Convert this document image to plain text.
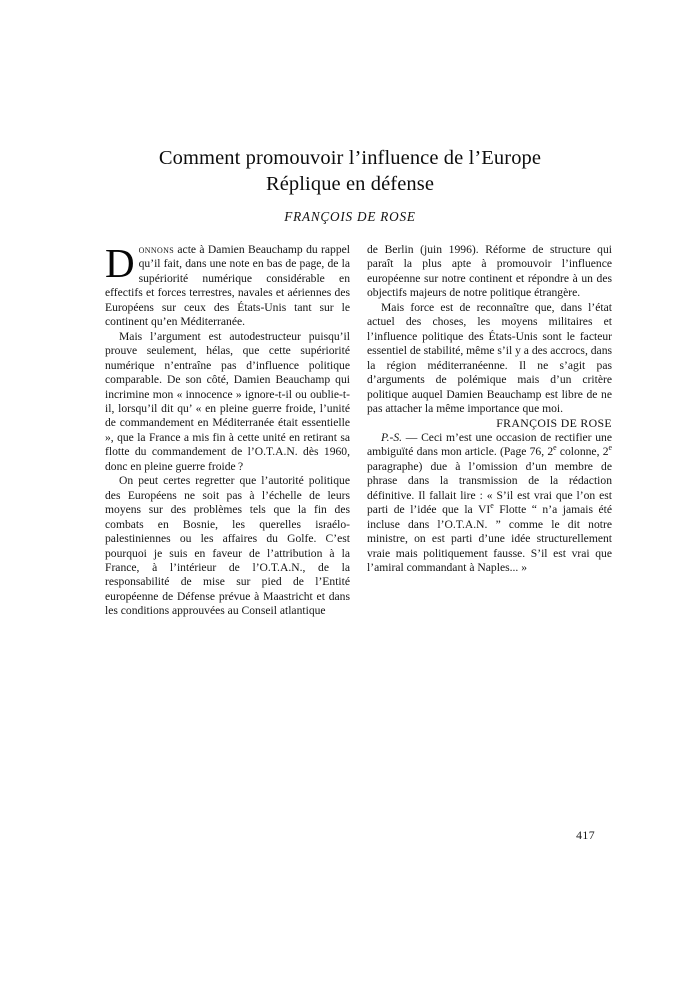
Comment promouvoir l’influence de l’Europe
Réplique en défense
FRANÇOIS DE ROSE

Donnons acte à Damien Beauchamp du rappel qu’il fait, dans une note en bas de page, de la supériorité numérique considérable en effectifs et forces terrestres, navales et aériennes des Européens sur ceux des États-Unis tant sur le continent qu’en Méditerranée.

Mais l’argument est autodestructeur puisqu’il prouve seulement, hélas, que cette supériorité numérique n’entraîne pas d’influence politique comparable. De son côté, Damien Beauchamp qui incrimine mon « innocence » ignore-t-il ou oublie-t-il, lorsqu’il dit qu’ « en pleine guerre froide, l’unité de commandement en Méditerranée était essentielle », que la France a mis fin à cette unité en retirant sa flotte du commandement de l’O.T.A.N. dès 1960, donc en pleine guerre froide ?

On peut certes regretter que l’autorité politique des Européens ne soit pas à l’échelle de leurs moyens sur des problèmes tels que la fin des combats en Bosnie, les querelles israélo-palestiniennes ou les affaires du Golfe. C’est pourquoi je suis en faveur de l’attribution à la France, à l’intérieur de l’O.T.A.N., de la responsabilité de mise sur pied de l’Entité européenne de Défense prévue à Maastricht et dans les conditions approuvées au Conseil atlantique

de Berlin (juin 1996). Réforme de structure qui paraît la plus apte à promouvoir l’influence européenne sur notre continent et répondre à un des objectifs majeurs de notre politique étrangère.

Mais force est de reconnaître que, dans l’état actuel des choses, les moyens militaires et l’influence politique des États-Unis sont le facteur essentiel de stabilité, même s’il y a des accrocs, dans la région méditerranéenne. Il ne s’agit pas d’arguments de polémique mais d’un critère politique auquel Damien Beauchamp est libre de ne pas attacher la même importance que moi.

FRANÇOIS DE ROSE

P.-S. — Ceci m’est une occasion de rectifier une ambiguïté dans mon article. (Page 76, 2e colonne, 2e paragraphe) due à l’omission d’un membre de phrase dans la transmission de la rédaction définitive. Il fallait lire : « S’il est vrai que l’on est parti de l’idée que la VIe Flotte “ n’a jamais été incluse dans l’O.T.A.N. ” comme le dit notre ministre, on est parti d’une idée structurellement vraie mais politiquement fausse. S’il est vrai que l’amiral commandant à Naples... »

417
